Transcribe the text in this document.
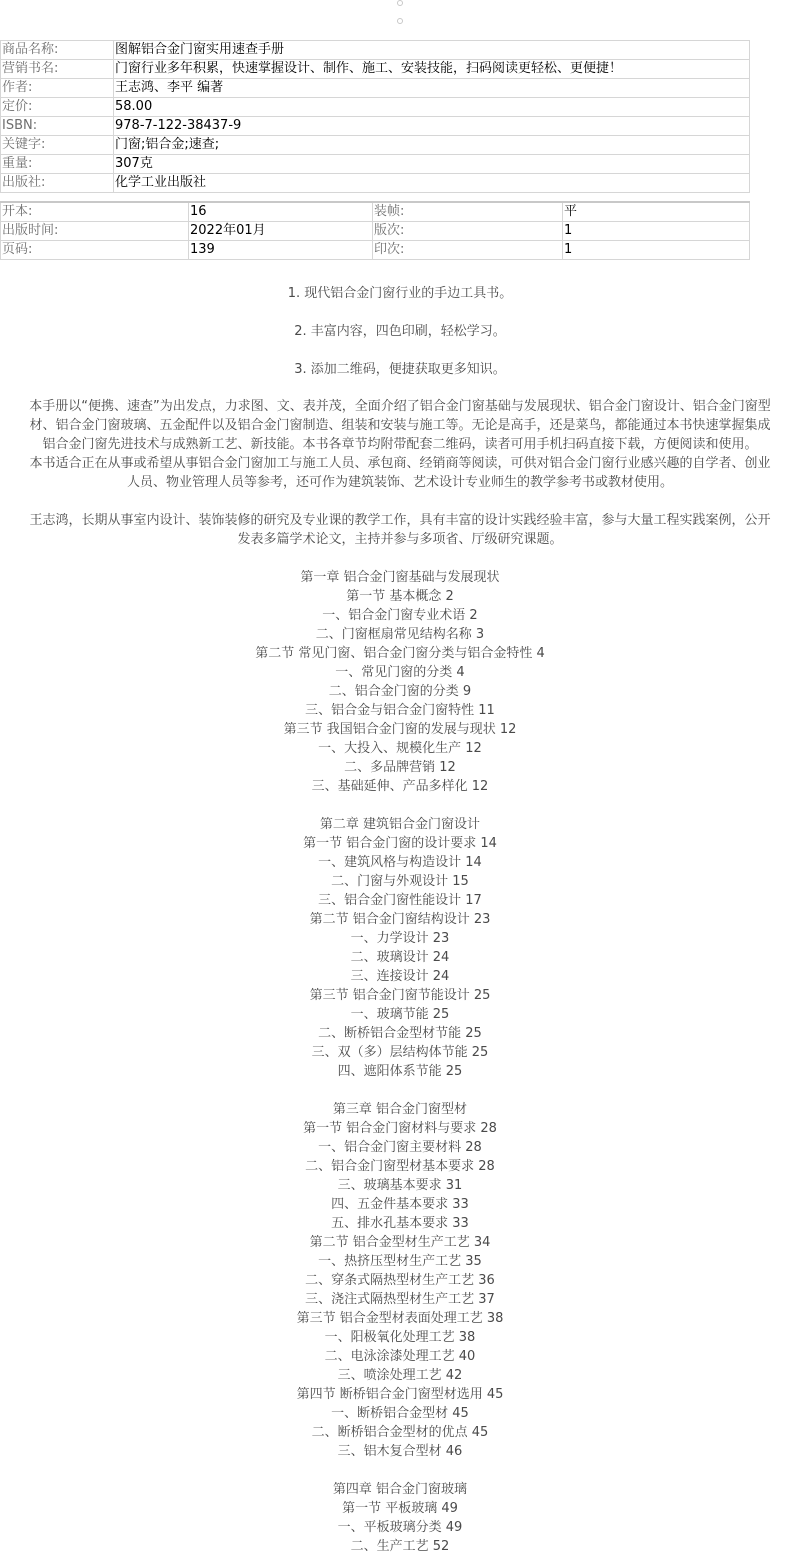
商品名称:	图解铝合金门窗实用速查手册
营销书名:	门窗行业多年积累，快速掌握设计、制作、施工、安装技能，扫码阅读更轻松、更便捷！
作者:	王志鸿、李平 编著
定价:	58.00
ISBN:	978-7-122-38437-9
关键字:	门窗;铝合金;速查;
重量:	307克
出版社:	化学工业出版社
开本:	16	装帧:	平
出版时间:	2022年01月	版次:	1
页码:	139	印次:	1
1. 现代铝合金门窗行业的手边工具书。
2. 丰富内容，四色印刷，轻松学习。
3. 添加二维码，便捷获取更多知识。

本手册以“便携、速查”为出发点，力求图、文、表并茂，全面介绍了铝合金门窗基础与发展现状、铝合金门窗设计、铝合金门窗型

材、铝合金门窗玻璃、五金配件以及铝合金门窗制造、组装和安装与施工等。无论是高手，还是菜鸟，都能通过本书快速掌握集成

铝合金门窗先进技术与成熟新工艺、新技能。本书各章节均附带配套二维码，读者可用手机扫码直接下载，方便阅读和使用。

本书适合正在从事或希望从事铝合金门窗加工与施工人员、承包商、经销商等阅读，可供对铝合金门窗行业感兴趣的自学者、创业

人员、物业管理人员等参考，还可作为建筑装饰、艺术设计专业师生的教学参考书或教材使用。

王志鸿，长期从事室内设计、装饰装修的研究及专业课的教学工作，具有丰富的设计实践经验丰富，参与大量工程实践案例，公开

发表多篇学术论文，主持并参与多项省、厅级研究课题。

第一章 铝合金门窗基础与发展现状
第一节 基本概念 2
一、铝合金门窗专业术语 2
二、门窗框扇常见结构名称 3
第二节 常见门窗、铝合金门窗分类与铝合金特性 4
一、常见门窗的分类 4
二、铝合金门窗的分类 9
三、铝合金与铝合金门窗特性 11
第三节 我国铝合金门窗的发展与现状 12
一、大投入、规模化生产 12
二、多品牌营销 12
三、基础延伸、产品多样化 12
第二章 建筑铝合金门窗设计
第一节 铝合金门窗的设计要求 14
一、建筑风格与构造设计 14
二、门窗与外观设计 15
三、铝合金门窗性能设计 17
第二节 铝合金门窗结构设计 23
一、力学设计 23
二、玻璃设计 24
三、连接设计 24
第三节 铝合金门窗节能设计 25
一、玻璃节能 25
二、断桥铝合金型材节能 25
三、双（多）层结构体节能 25
四、遮阳体系节能 25
第三章 铝合金门窗型材
第一节 铝合金门窗材料与要求 28
一、铝合金门窗主要材料 28
二、铝合金门窗型材基本要求 28
三、玻璃基本要求 31
四、五金件基本要求 33
五、排水孔基本要求 33
第二节 铝合金型材生产工艺 34
一、热挤压型材生产工艺 35
二、穿条式隔热型材生产工艺 36
三、浇注式隔热型材生产工艺 37
第三节 铝合金型材表面处理工艺 38
一、阳极氧化处理工艺 38
二、电泳涂漆处理工艺 40
三、喷涂处理工艺 42
第四节 断桥铝合金门窗型材选用 45
一、断桥铝合金型材 45
二、断桥铝合金型材的优点 45
三、铝木复合型材 46
第四章 铝合金门窗玻璃
第一节 平板玻璃 49
一、平板玻璃分类 49
二、生产工艺 52
